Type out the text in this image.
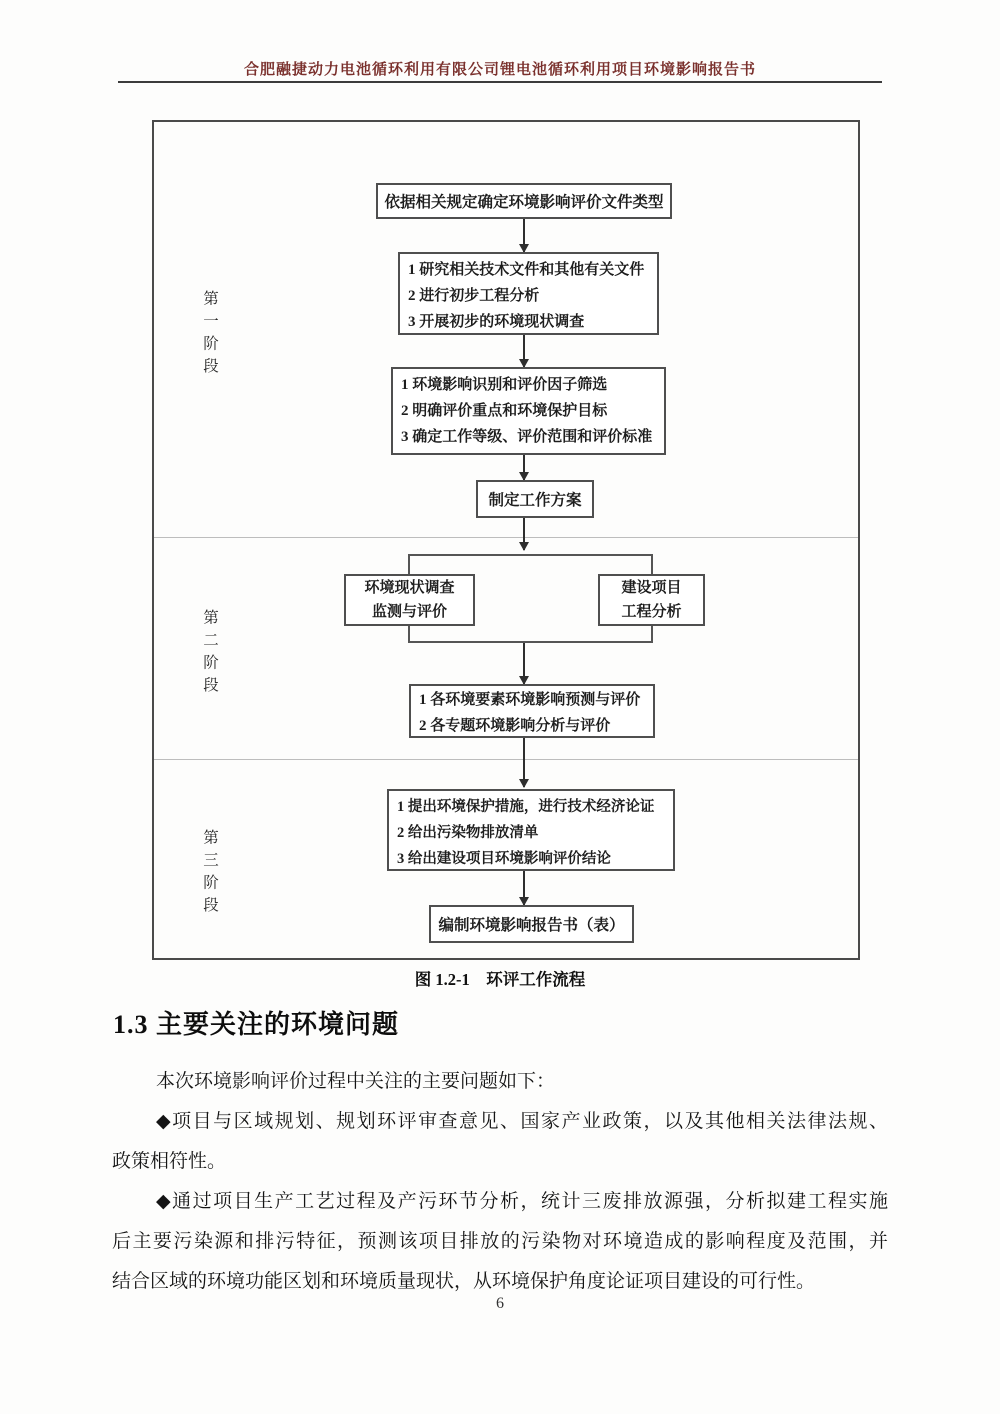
合肥融捷动力电池循环利用有限公司锂电池循环利用项目环境影响报告书
第一阶段
第二阶段
第三阶段
依据相关规定确定环境影响评价文件类型
1 研究相关技术文件和其他有关文件
2 进行初步工程分析
3 开展初步的环境现状调查
1 环境影响识别和评价因子筛选
2 明确评价重点和环境保护目标
3 确定工作等级、评价范围和评价标准
制定工作方案
环境现状调查
监测与评价
建设项目
工程分析
1 各环境要素环境影响预测与评价
2 各专题环境影响分析与评价
1 提出环境保护措施，进行技术经济论证
2 给出污染物排放清单
3 给出建设项目环境影响评价结论
编制环境影响报告书（表）
图 1.2-1　环评工作流程
1.3 主要关注的环境问题
本次环境影响评价过程中关注的主要问题如下：
◆项目与区域规划、规划环评审查意见、国家产业政策，以及其他相关法律法规、
政策相符性。
◆通过项目生产工艺过程及产污环节分析，统计三废排放源强，分析拟建工程实施
后主要污染源和排污特征，预测该项目排放的污染物对环境造成的影响程度及范围，并
结合区域的环境功能区划和环境质量现状，从环境保护角度论证项目建设的可行性。
6
